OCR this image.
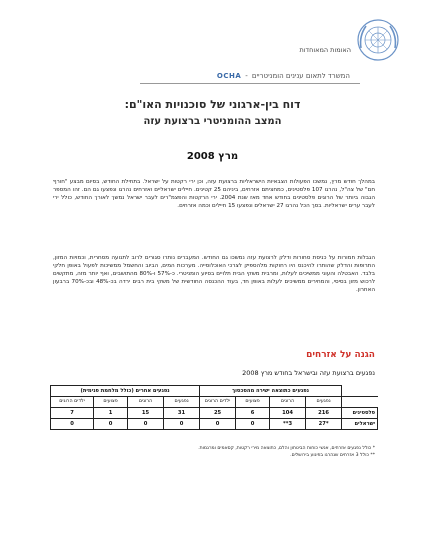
האומות המאוחדות
OCHA - המשרד לתאום ענינים הומניטריים
דוח בין-ארגוני של סוכנויות האו"ם:
המצב ההומניטרי ברצועת עזה
מרץ 2008
במהלך חודש מרץ, נמשכו הפעולות הצבאיות הישראליות ברצועת עזה, וכן ירי רקטות על ישראל. בתחילת החודש, בסיום מבצע "חורף חם" של צה"ל, נהרגו 107 פלסטינים, כמחציתם אזרחים, ביניהם 25 קטינים. חיילים ישראליים ואזרחים נהרגו ונפצעו גם הם. זהו המספר הגבוה ביותר של הרוגים פלסטינים בחודש אחד מאז שנת 2004. ירי הרקטות והפצמ"רים לעבר ישראל נמשך לאורך החודש, כולל ירי לעבר ערים ישראליות. בסך הכל נהרגו 27 ישראלים ונפצעו 15 חיילים וכמה אזרחים.
הגבלות חמורות על כניסת סחורות ודלק לרצועת עזה נמשכו גם החודש. המעברים נותרו סגורים לרוב לתנועה מסחרית, וכמויות המזון, התרופות והדלק שהותרו להיכנס היו רחוקות מלהספיק לצרכי האוכלוסייה. מערכות המים, הביוב והחשמל ממשיכות לפעול באופן חלקי בלבד. האבטלה והעוני ממשיכים לעלות, ומרבית משקי הבית תלויים בסיוע הומניטרי. כ-57% ו-80% מהתושבים, ואף יותר מזה, מתקשים לרכוש מזון בסיסי, והמחירים ממשיכים לעלות באופן חד, בעוד ההכנסה החודשית של משקי בית רבים ירדה בכ-48% ובכ-70% ברבעון האחרון.
הגנה על אזרחים
נפגעים ברצועת עזה ובישראל בחודש מרץ 2008
	נפגעים כתוצאה ישירה מהסכסוך				נפגעים אחרים (כולל מלחמת פנימית)			
	נפגעים	הרוגים	פצועים	ילדים הרוגים	נפגעים	הרוגים	פצועים	ילדים הרוגים
פלסטינים	216	104	6	25	31	15	1	7
ישראלים	*27	3**	0	0	0	0	0	0
* כולל נפגעים אזרחים, אנשי כוחות הביטחון והלם, כתוצאה מירי רקטות, קסאמים ומרגמות.
** כולל 3 אזרחים שנהרגו בפיגוע בירושלים.
